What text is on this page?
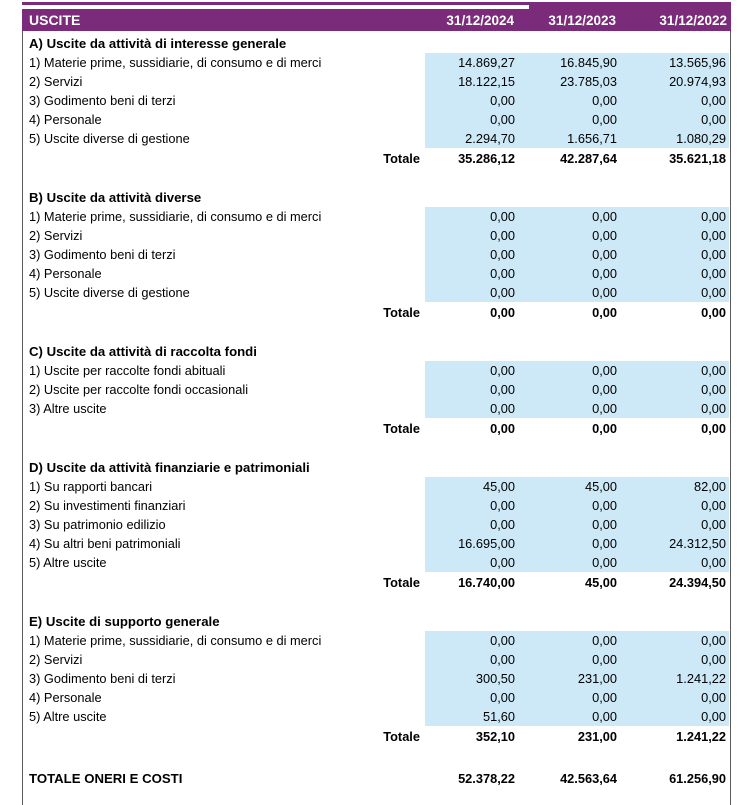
USCITE	31/12/2024	31/12/2023	31/12/2022
A) Uscite da attività di interesse generale
1) Materie prime, sussidiarie, di consumo e di merci	14.869,27	16.845,90	13.565,96
2) Servizi	18.122,15	23.785,03	20.974,93
3) Godimento beni di terzi	0,00	0,00	0,00
4) Personale	0,00	0,00	0,00
5) Uscite diverse di gestione	2.294,70	1.656,71	1.080,29
Totale	35.286,12	42.287,64	35.621,18
B) Uscite da attività diverse
1) Materie prime, sussidiarie, di consumo e di merci	0,00	0,00	0,00
2) Servizi	0,00	0,00	0,00
3) Godimento beni di terzi	0,00	0,00	0,00
4) Personale	0,00	0,00	0,00
5) Uscite diverse di gestione	0,00	0,00	0,00
Totale	0,00	0,00	0,00
C) Uscite da attività di raccolta fondi
1) Uscite per raccolte fondi abituali	0,00	0,00	0,00
2) Uscite per raccolte fondi occasionali	0,00	0,00	0,00
3) Altre uscite	0,00	0,00	0,00
Totale	0,00	0,00	0,00
D) Uscite da attività finanziarie e patrimoniali
1) Su rapporti bancari	45,00	45,00	82,00
2) Su investimenti finanziari	0,00	0,00	0,00
3) Su patrimonio edilizio	0,00	0,00	0,00
4) Su altri beni patrimoniali	16.695,00	0,00	24.312,50
5) Altre uscite	0,00	0,00	0,00
Totale	16.740,00	45,00	24.394,50
E) Uscite di supporto generale
1) Materie prime, sussidiarie, di consumo e di merci	0,00	0,00	0,00
2) Servizi	0,00	0,00	0,00
3) Godimento beni di terzi	300,50	231,00	1.241,22
4) Personale	0,00	0,00	0,00
5) Altre uscite	51,60	0,00	0,00
Totale	352,10	231,00	1.241,22
TOTALE ONERI E COSTI	52.378,22	42.563,64	61.256,90
